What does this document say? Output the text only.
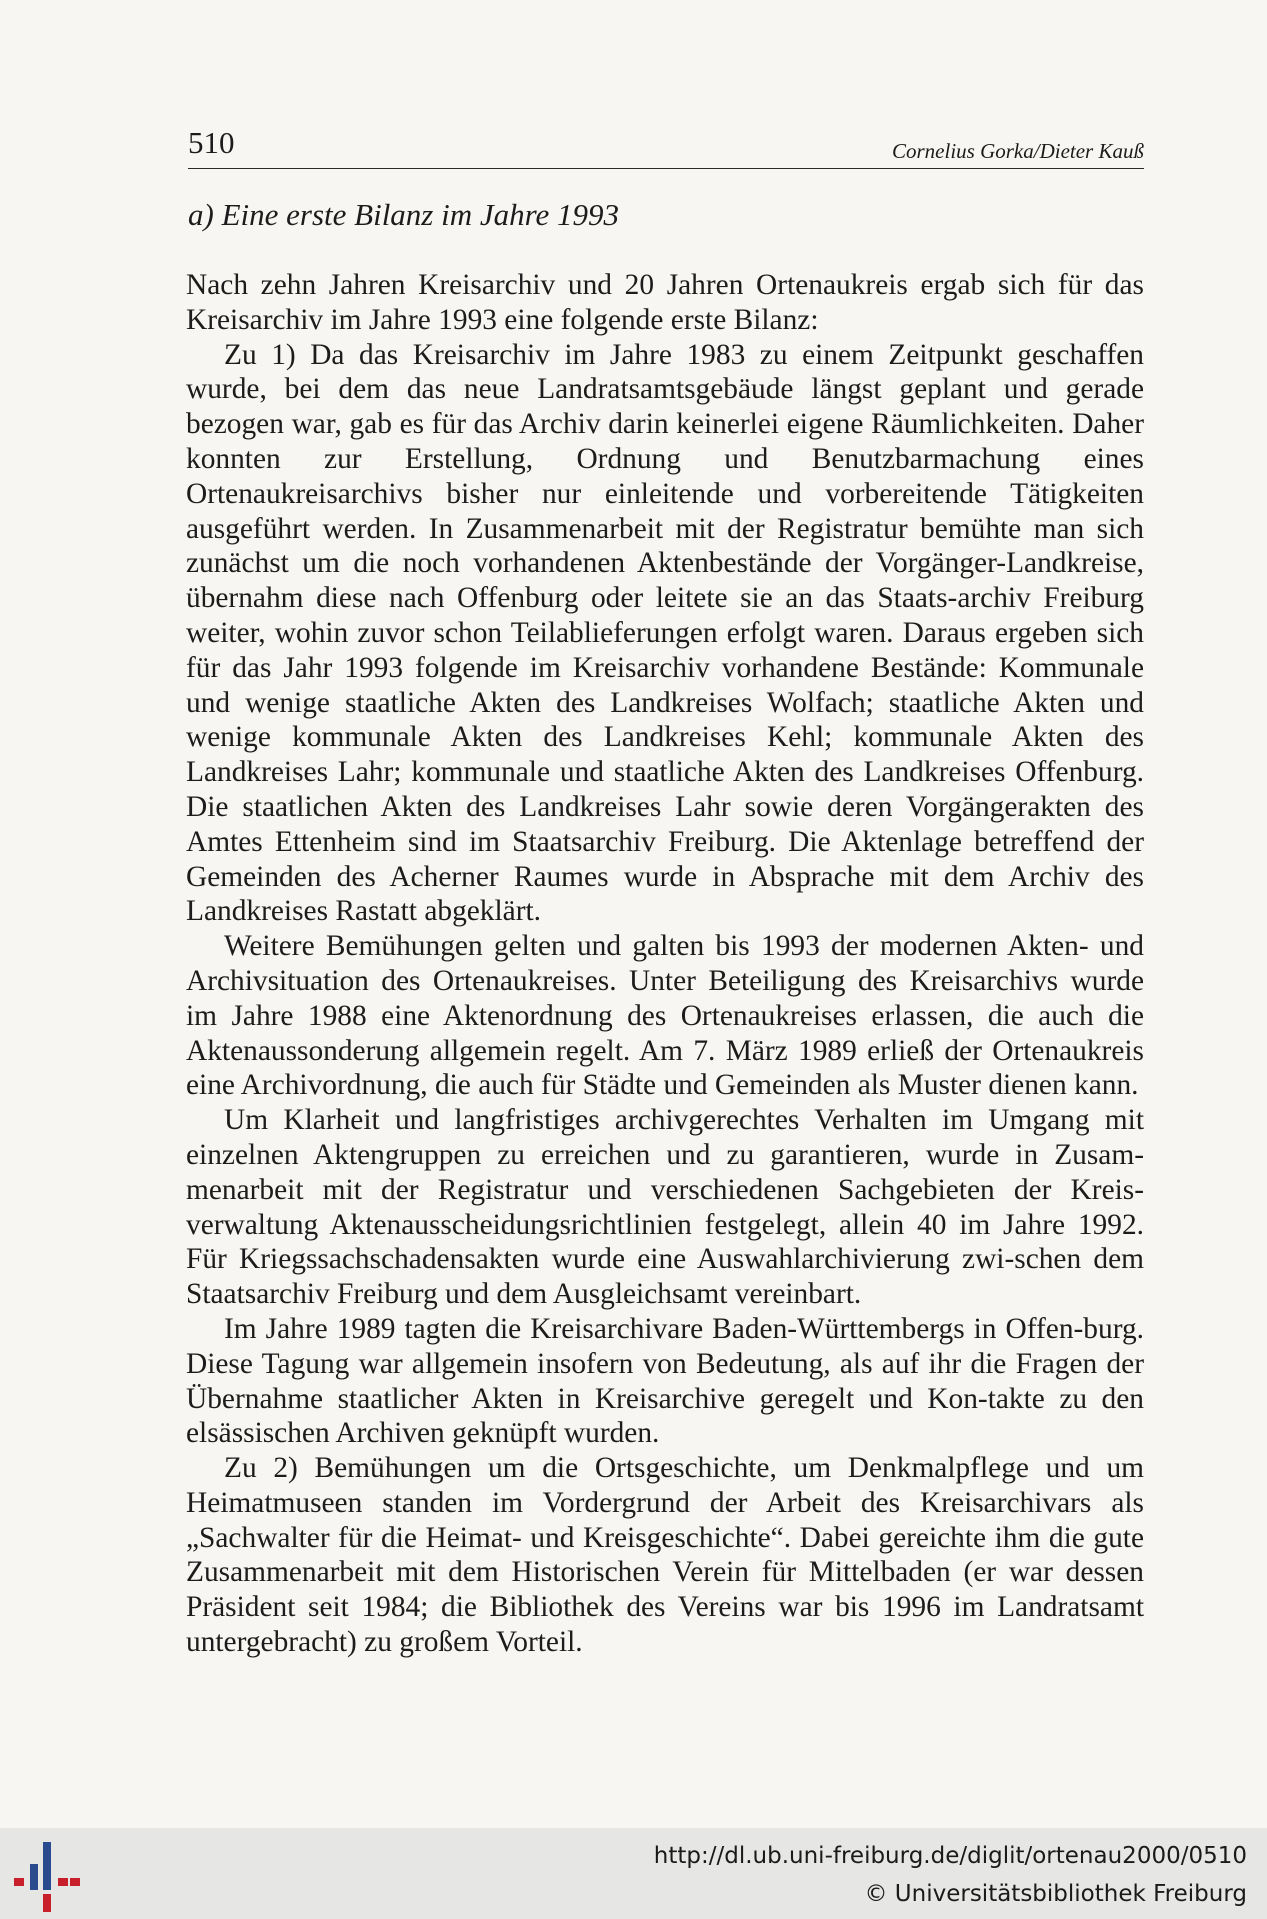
510	Cornelius Gorka/Dieter Kauß
a) Eine erste Bilanz im Jahre 1993

Nach zehn Jahren Kreisarchiv und 20 Jahren Ortenaukreis ergab sich für das Kreisarchiv im Jahre 1993 eine folgende erste Bilanz:

Zu 1) Da das Kreisarchiv im Jahre 1983 zu einem Zeitpunkt geschaffen wurde, bei dem das neue Landratsamtsgebäude längst geplant und gerade bezogen war, gab es für das Archiv darin keinerlei eigene Räumlichkeiten. Daher konnten zur Erstellung, Ordnung und Benutzbarmachung eines Ortenaukreisarchivs bisher nur einleitende und vorbereitende Tätigkeiten ausgeführt werden. In Zusammenarbeit mit der Registratur bemühte man sich zunächst um die noch vorhandenen Aktenbestände der Vorgänger-Landkreise, übernahm diese nach Offenburg oder leitete sie an das Staats-archiv Freiburg weiter, wohin zuvor schon Teilablieferungen erfolgt waren. Daraus ergeben sich für das Jahr 1993 folgende im Kreisarchiv vorhandene Bestände: Kommunale und wenige staatliche Akten des Landkreises Wolfach; staatliche Akten und wenige kommunale Akten des Landkreises Kehl; kommunale Akten des Landkreises Lahr; kommunale und staatliche Akten des Landkreises Offenburg. Die staatlichen Akten des Landkreises Lahr sowie deren Vorgängerakten des Amtes Ettenheim sind im Staatsarchiv Freiburg. Die Aktenlage betreffend der Gemeinden des Acherner Raumes wurde in Absprache mit dem Archiv des Landkreises Rastatt abgeklärt.

Weitere Bemühungen gelten und galten bis 1993 der modernen Akten- und Archivsituation des Ortenaukreises. Unter Beteiligung des Kreisarchivs wurde im Jahre 1988 eine Aktenordnung des Ortenaukreises erlassen, die auch die Aktenaussonderung allgemein regelt. Am 7. März 1989 erließ der Ortenaukreis eine Archivordnung, die auch für Städte und Gemeinden als Muster dienen kann.

Um Klarheit und langfristiges archivgerechtes Verhalten im Umgang mit einzelnen Aktengruppen zu erreichen und zu garantieren, wurde in Zusam-menarbeit mit der Registratur und verschiedenen Sachgebieten der Kreis-verwaltung Aktenausscheidungsrichtlinien festgelegt, allein 40 im Jahre 1992. Für Kriegssachschadensakten wurde eine Auswahlarchivierung zwi-schen dem Staatsarchiv Freiburg und dem Ausgleichsamt vereinbart.

Im Jahre 1989 tagten die Kreisarchivare Baden-Württembergs in Offen-burg. Diese Tagung war allgemein insofern von Bedeutung, als auf ihr die Fragen der Übernahme staatlicher Akten in Kreisarchive geregelt und Kon-takte zu den elsässischen Archiven geknüpft wurden.

Zu 2) Bemühungen um die Ortsgeschichte, um Denkmalpflege und um Heimatmuseen standen im Vordergrund der Arbeit des Kreisarchivars als „Sachwalter für die Heimat- und Kreisgeschichte“. Dabei gereichte ihm die gute Zusammenarbeit mit dem Historischen Verein für Mittelbaden (er war dessen Präsident seit 1984; die Bibliothek des Vereins war bis 1996 im Landratsamt untergebracht) zu großem Vorteil.

http://dl.ub.uni-freiburg.de/diglit/ortenau2000/0510
© Universitätsbibliothek Freiburg
